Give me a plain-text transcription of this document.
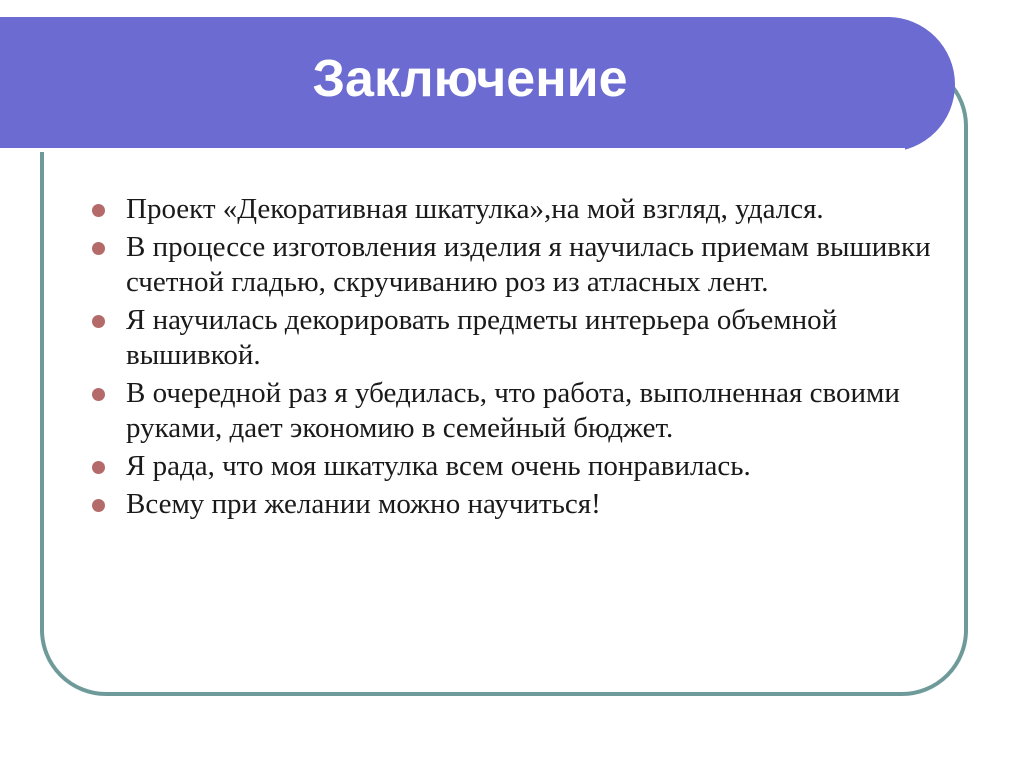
Заключение
Проект «Декоративная шкатулка»,на мой взгляд, удался.
В процессе изготовления изделия я научилась приемам вышивки счетной гладью, скручиванию роз из атласных лент.
Я научилась декорировать предметы интерьера объемной вышивкой.
В очередной раз я убедилась, что работа, выполненная своими руками, дает экономию в семейный бюджет.
Я рада, что моя шкатулка всем очень понравилась.
Всему при желании можно научиться!
